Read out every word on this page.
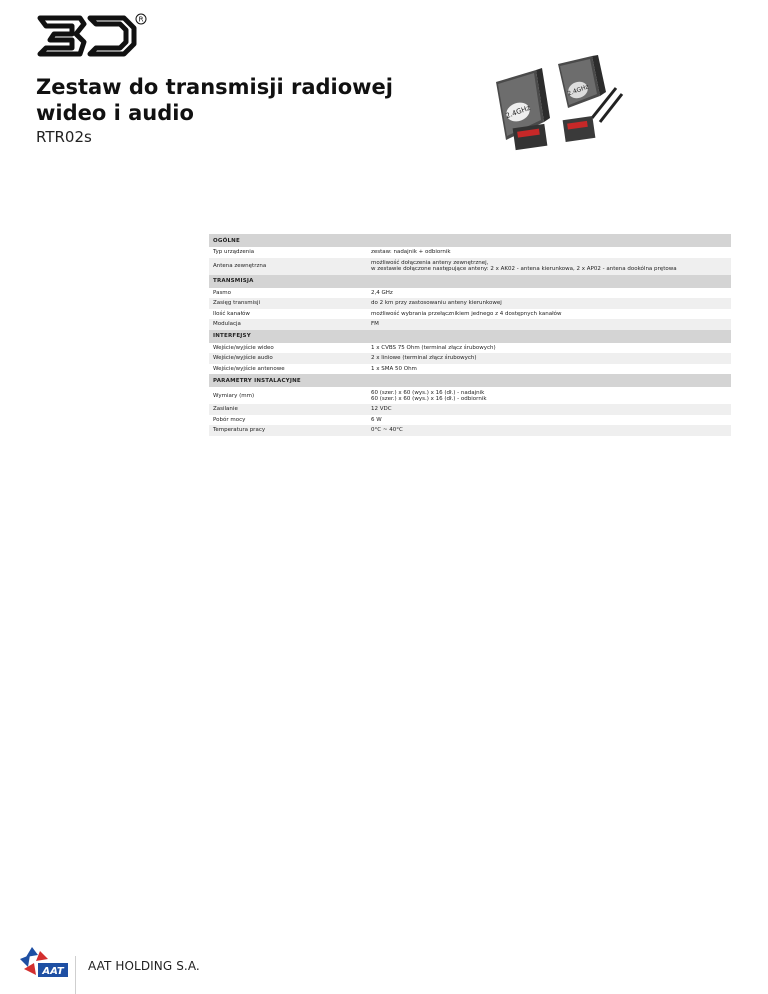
R
Zestaw do transmisji radiowej wideo i audio
RTR02s
2.4GHz
2.4GHz
OGÓLNE	
Typ urządzenia	zestaw: nadajnik + odbiornik
Antena zewnętrzna	możliwość dołączenia anteny zewnętrznej,
w zestawie dołączone następujące anteny: 2 x AK02 - antena kierunkowa, 2 x AP02 - antena dookólna prętowa
TRANSMISJA	
Pasmo	2,4 GHz
Zasięg transmisji	do 2 km przy zastosowaniu anteny kierunkowej
Ilość kanałów	możliwość wybrania przełącznikiem jednego z 4 dostępnych kanałów
Modulacja	FM
INTERFEJSY	
Wejście/wyjście wideo	1 x CVBS 75 Ohm (terminal złącz śrubowych)
Wejście/wyjście audio	2 x liniowe (terminal złącz śrubowych)
Wejście/wyjście antenowe	1 x SMA 50 Ohm
PARAMETRY INSTALACYJNE	
Wymiary (mm)	60 (szer.) x 60 (wys.) x 16 (dł.) - nadajnik
60 (szer.) x 60 (wys.) x 16 (dł.) - odbiornik
Zasilanie	12 VDC
Pobór mocy	6 W
Temperatura pracy	0°C ~ 40°C
AAT AAT HOLDING S.A.
